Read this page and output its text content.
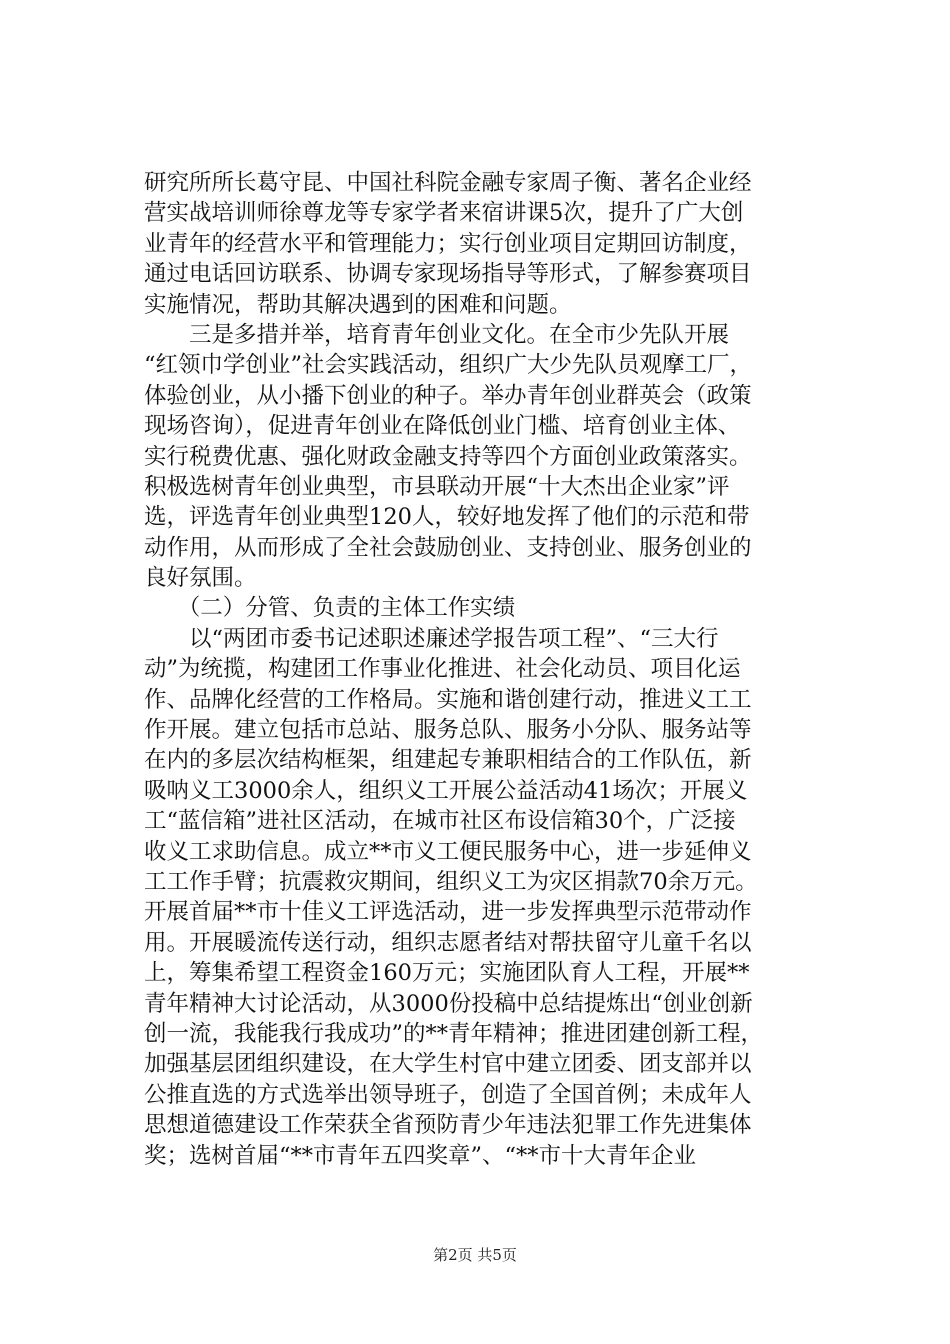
研究所所长葛守昆、中国社科院金融专家周子衡、著名企业经
营实战培训师徐尊龙等专家学者来宿讲课5次，提升了广大创
业青年的经营水平和管理能力；实行创业项目定期回访制度，
通过电话回访联系、协调专家现场指导等形式，了解参赛项目
实施情况，帮助其解决遇到的困难和问题。
　　三是多措并举，培育青年创业文化。在全市少先队开展
“红领巾学创业”社会实践活动，组织广大少先队员观摩工厂，
体验创业，从小播下创业的种子。举办青年创业群英会（政策
现场咨询），促进青年创业在降低创业门槛、培育创业主体、
实行税费优惠、强化财政金融支持等四个方面创业政策落实。
积极选树青年创业典型，市县联动开展“十大杰出企业家”评
选，评选青年创业典型120人，较好地发挥了他们的示范和带
动作用，从而形成了全社会鼓励创业、支持创业、服务创业的
良好氛围。
　　（二）分管、负责的主体工作实绩
　　以“两团市委书记述职述廉述学报告项工程”、“三大行
动”为统揽，构建团工作事业化推进、社会化动员、项目化运
作、品牌化经营的工作格局。实施和谐创建行动，推进义工工
作开展。建立包括市总站、服务总队、服务小分队、服务站等
在内的多层次结构框架，组建起专兼职相结合的工作队伍，新
吸呐义工3000余人，组织义工开展公益活动41场次；开展义
工“蓝信箱”进社区活动，在城市社区布设信箱30个，广泛接
收义工求助信息。成立**市义工便民服务中心，进一步延伸义
工工作手臂；抗震救灾期间，组织义工为灾区捐款70余万元。
开展首届**市十佳义工评选活动，进一步发挥典型示范带动作
用。开展暖流传送行动，组织志愿者结对帮扶留守儿童千名以
上，筹集希望工程资金160万元；实施团队育人工程，开展**
青年精神大讨论活动，从3000份投稿中总结提炼出“创业创新
创一流，我能我行我成功”的**青年精神；推进团建创新工程，
加强基层团组织建设，在大学生村官中建立团委、团支部并以
公推直选的方式选举出领导班子，创造了全国首例；未成年人
思想道德建设工作荣获全省预防青少年违法犯罪工作先进集体
奖；选树首届“**市青年五四奖章”、“**市十大青年企业
第2页 共5页
